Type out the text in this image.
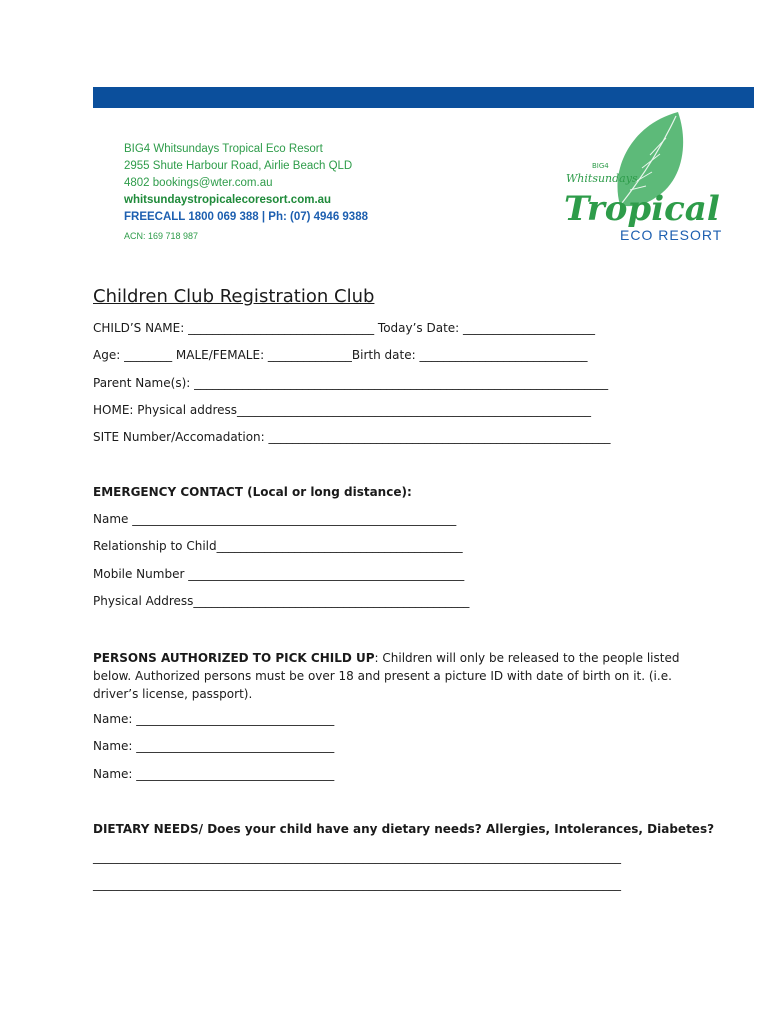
BIG4 Whitsundays Tropical Eco Resort
2955 Shute Harbour Road, Airlie Beach QLD
4802 bookings@wter.com.au
whitsundaystropicalecoresort.com.au
FREECALL 1800 069 388 | Ph: (07) 4946 9388
ACN: 169 718 987
BIG4
Whitsundays
Tropical
ECO RESORT
Children Club Registration Club
CHILD’S NAME: _______________________________ Today’s Date: ______________________
Age: ________ MALE/FEMALE: ______________Birth date: ____________________________
Parent Name(s): _____________________________________________________________________
HOME: Physical address___________________________________________________________
SITE Number/Accomadation: _________________________________________________________
EMERGENCY CONTACT (Local or long distance):
Name ______________________________________________________
Relationship to Child_________________________________________
Mobile Number ______________________________________________
Physical Address______________________________________________
PERSONS AUTHORIZED TO PICK CHILD UP: Children will only be released to the people listed below. Authorized persons must be over 18 and present a picture ID with date of birth on it. (i.e. driver’s license, passport).
Name: _________________________________
Name: _________________________________
Name: _________________________________
DIETARY NEEDS/ Does your child have any dietary needs? Allergies, Intolerances, Diabetes?
________________________________________________________________________________________
________________________________________________________________________________________
